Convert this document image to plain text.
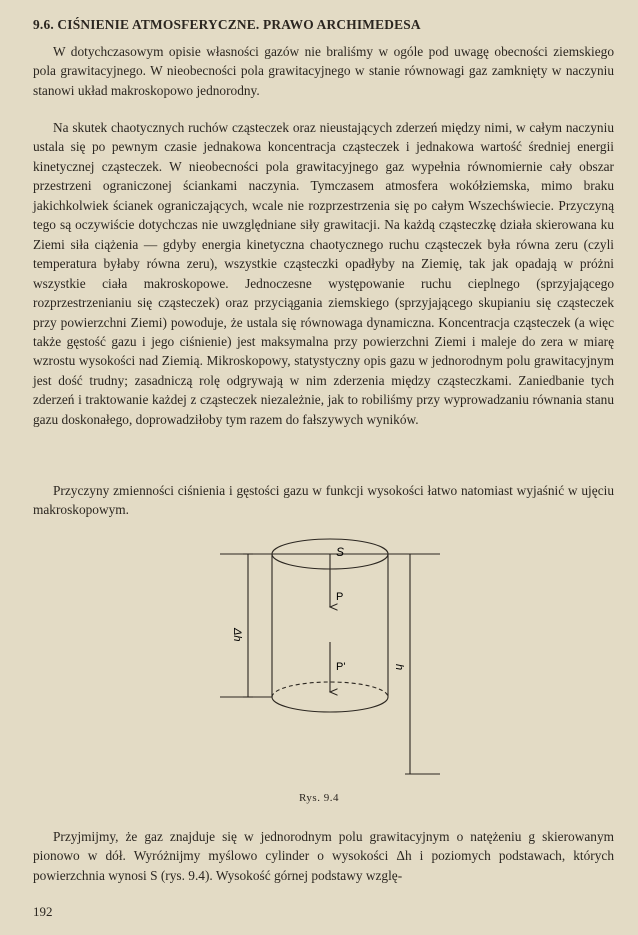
9.6. CIŚNIENIE ATMOSFERYCZNE. PRAWO ARCHIMEDESA

W dotychczasowym opisie własności gazów nie braliśmy w ogóle pod uwagę obecności ziemskiego pola grawitacyjnego. W nieobecności pola grawitacyjnego w stanie równowagi gaz zamknięty w naczyniu stanowi układ makroskopowo jednorodny.

Na skutek chaotycznych ruchów cząsteczek oraz nieustających zderzeń między nimi, w całym naczyniu ustala się po pewnym czasie jednakowa koncentracja cząsteczek i jednakowa wartość średniej energii kinetycznej cząsteczek. W nieobecności pola grawitacyjnego gaz wypełnia równomiernie cały obszar przestrzeni ograniczonej ściankami naczynia. Tymczasem atmosfera wokółziemska, mimo braku jakichkolwiek ścianek ograniczających, wcale nie rozprzestrzenia się po całym Wszechświecie. Przyczyną tego są oczywiście dotychczas nie uwzględniane siły grawitacji. Na każdą cząsteczkę działa skierowana ku Ziemi siła ciążenia — gdyby energia kinetyczna chaotycznego ruchu cząsteczek była równa zeru (czyli temperatura byłaby równa zeru), wszystkie cząsteczki opadłyby na Ziemię, tak jak opadają w próżni wszystkie ciała makroskopowe. Jednoczesne występowanie ruchu cieplnego (sprzyjającego rozprzestrzenianiu się cząsteczek) oraz przyciągania ziemskiego (sprzyjającego skupianiu się cząsteczek przy powierzchni Ziemi) powoduje, że ustala się równowaga dynamiczna. Koncentracja cząsteczek (a więc także gęstość gazu i jego ciśnienie) jest maksymalna przy powierzchni Ziemi i maleje do zera w miarę wzrostu wysokości nad Ziemią. Mikroskopowy, statystyczny opis gazu w jednorodnym polu grawitacyjnym jest dość trudny; zasadniczą rolę odgrywają w nim zderzenia między cząsteczkami. Zaniedbanie tych zderzeń i traktowanie każdej z cząsteczek niezależnie, jak to robiliśmy przy wyprowadzaniu równania stanu gazu doskonałego, doprowadziłoby tym razem do fałszywych wyników.

Przyczyny zmienności ciśnienia i gęstości gazu w funkcji wysokości łatwo natomiast wyjaśnić w ujęciu makroskopowym.

S
P
P'
Δh
h
Rys. 9.4

Przyjmijmy, że gaz znajduje się w jednorodnym polu grawitacyjnym o natężeniu g skierowanym pionowo w dół. Wyróżnijmy myślowo cylinder o wysokości Δh i poziomych podstawach, których powierzchnia wynosi S (rys. 9.4). Wysokość górnej podstawy wzglę-

192
